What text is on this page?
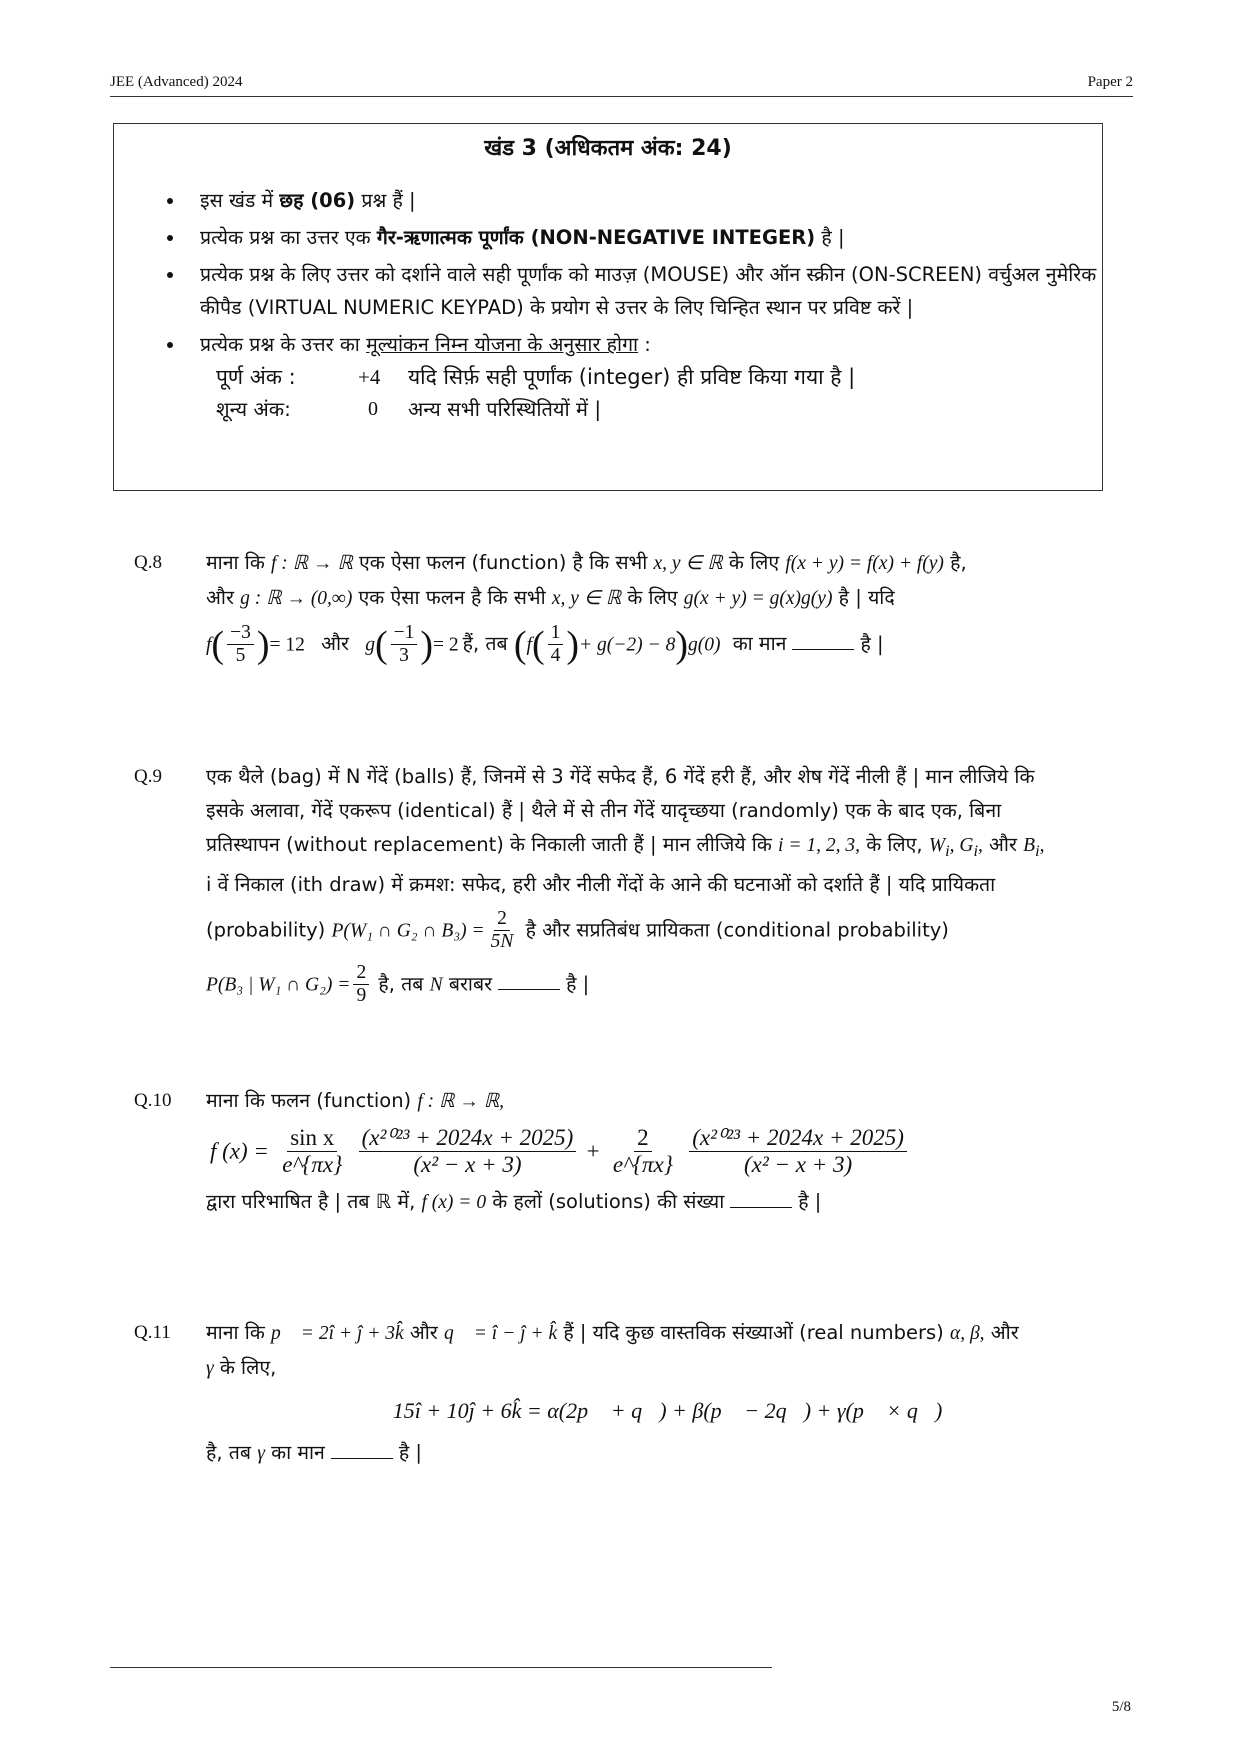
JEE (Advanced) 2024	Paper 2
खंड 3 (अधिकतम अंक: 24)
• इस खंड में छह (06) प्रश्न हैं |
• प्रत्येक प्रश्न का उत्तर एक गैर-ऋणात्मक पूर्णांक (NON-NEGATIVE INTEGER) है |
• प्रत्येक प्रश्न के लिए उत्तर को दर्शाने वाले सही पूर्णांक को माउज़ (MOUSE) और ऑन स्क्रीन (ON-SCREEN) वर्चुअल नुमेरिक कीपैड (VIRTUAL NUMERIC KEYPAD) के प्रयोग से उत्तर के लिए चिन्हित स्थान पर प्रविष्ट करें |
• प्रत्येक प्रश्न के उत्तर का मूल्यांकन निम्न योजना के अनुसार होगा :
पूर्ण अंक :	+4	यदि सिर्फ़ सही पूर्णांक (integer) ही प्रविष्ट किया गया है |
शून्य अंक:	0	अन्य सभी परिस्थितियों में |
Q.8 माना कि f : ℝ → ℝ एक ऐसा फलन (function) है कि सभी x, y ∈ ℝ के लिए f(x + y) = f(x) + f(y) है,
और g : ℝ → (0,∞) एक ऐसा फलन है कि सभी x, y ∈ ℝ के लिए g(x + y) = g(x)g(y) है | यदि
$f( \frac{-3}{5}$ )= 12 और $g( \frac{-1}{3}$ )= 2 हैं, तब ($f( \frac{1}{4}$ )+ g(−2) − 8)g(0) का मान	है |
Q.9 एक थैले (bag) में N गेंदें (balls) हैं, जिनमें से 3 गेंदें सफेद हैं, 6 गेंदें हरी हैं, और शेष गेंदें नीली हैं | मान लीजिये कि
इसके अलावा, गेंदें एकरूप (identical) हैं | थैले में से तीन गेंदें यादृच्छया (randomly) एक के बाद एक, बिना
प्रतिस्थापन (without replacement) के निकाली जाती हैं | मान लीजिये कि i = 1, 2, 3, के लिए, $W_i$, $G_i$, और $B_i$,
i वें निकाल (ith draw) में क्रमश: सफेद, हरी और नीली गेंदों के आने की घटनाओं को दर्शाते हैं | यदि प्रायिकता
(probability) P(W₁ ∩ G₂ ∩ $B_3) = \frac{2}{5N}$ है और सप्रतिबंध प्रायिकता (conditional probability)
P(B₃ | W₁ ∩ $G_2) = \frac{2}{9}$ है, तब N बराबर	है |
Q.10 माना कि फलन (function) f : ℝ → ℝ,
f $(x) = \frac{\text{sin x}}{e\^{}\{\pi x\}}$
$\frac{\text{(x²⁰²³ + 2024x + 2025)}}{\text{(x² − x + 3)}} + \frac{2}{e\^{}\{\pi x\}}$
$\frac{\text{(x²⁰²³ + 2024x + 2025)}}{\text{(x² − x + 3)}}$
द्वारा परिभाषित है | तब ℝ में, f (x) = 0 के हलों (solutions) की संख्या	है |
Q.11 माना कि p⃗ = 2î + ĵ + 3k̂ और q⃗ = î − ĵ + k̂ हैं | यदि कुछ वास्तविक संख्याओं (real numbers) α, β, और
γ के लिए,
15î + 10ĵ + 6k̂ = α(2p⃗ + q⃗) + β(p⃗ − 2q⃗) + γ(p⃗ × q⃗)
है, तब γ का मान	है |
5/8
